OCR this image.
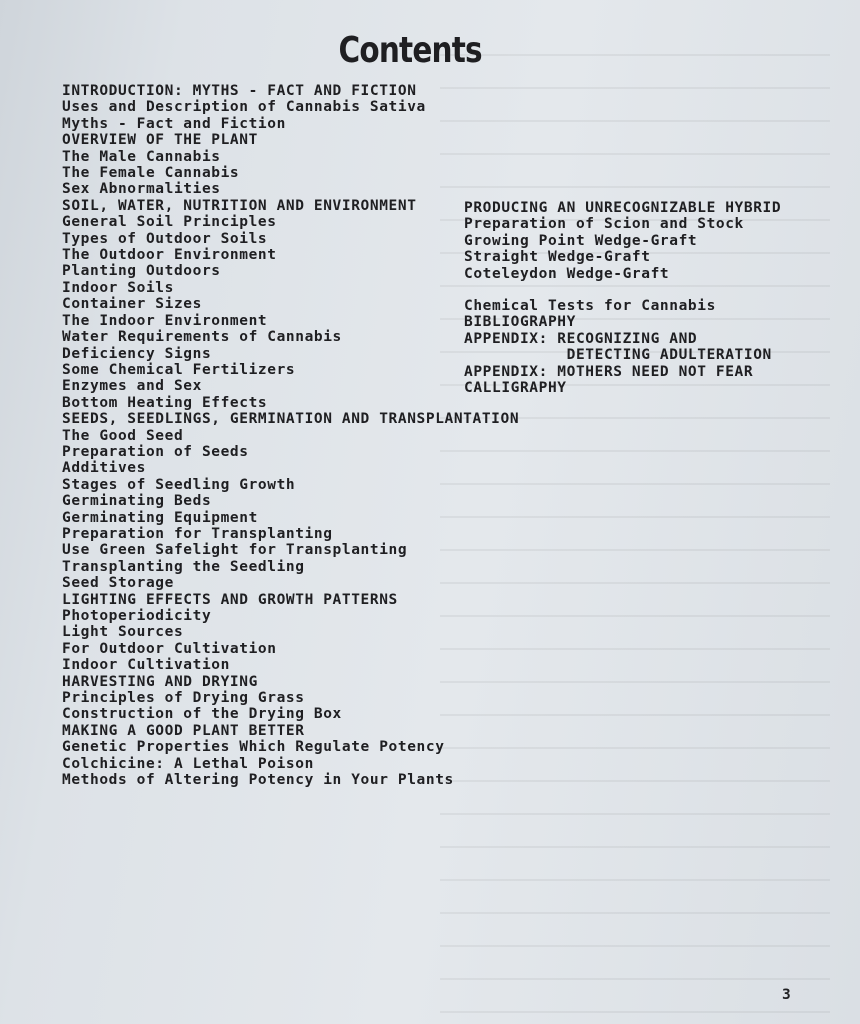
Contents
INTRODUCTION: MYTHS - FACT AND FICTION
Uses and Description of Cannabis Sativa
Myths - Fact and Fiction
OVERVIEW OF THE PLANT
The Male Cannabis
The Female Cannabis
Sex Abnormalities
SOIL, WATER, NUTRITION AND ENVIRONMENT
General Soil Principles
Types of Outdoor Soils
The Outdoor Environment
Planting Outdoors
Indoor Soils
Container Sizes
The Indoor Environment
Water Requirements of Cannabis
Deficiency Signs
Some Chemical Fertilizers
Enzymes and Sex
Bottom Heating Effects
SEEDS, SEEDLINGS, GERMINATION AND TRANSPLANTATION
The Good Seed
Preparation of Seeds
Additives
Stages of Seedling Growth
Germinating Beds
Germinating Equipment
Preparation for Transplanting
Use Green Safelight for Transplanting
Transplanting the Seedling
Seed Storage
LIGHTING EFFECTS AND GROWTH PATTERNS
Photoperiodicity
Light Sources
For Outdoor Cultivation
Indoor Cultivation
HARVESTING AND DRYING
Principles of Drying Grass
Construction of the Drying Box
MAKING A GOOD PLANT BETTER
Genetic Properties Which Regulate Potency
Colchicine: A Lethal Poison
Methods of Altering Potency in Your Plants
PRODUCING AN UNRECOGNIZABLE HYBRID
Preparation of Scion and Stock
Growing Point Wedge-Graft
Straight Wedge-Graft
Coteleydon Wedge-Graft
Chemical Tests for Cannabis
BIBLIOGRAPHY
APPENDIX: RECOGNIZING AND
DETECTING ADULTERATION
APPENDIX: MOTHERS NEED NOT FEAR
CALLIGRAPHY
3
